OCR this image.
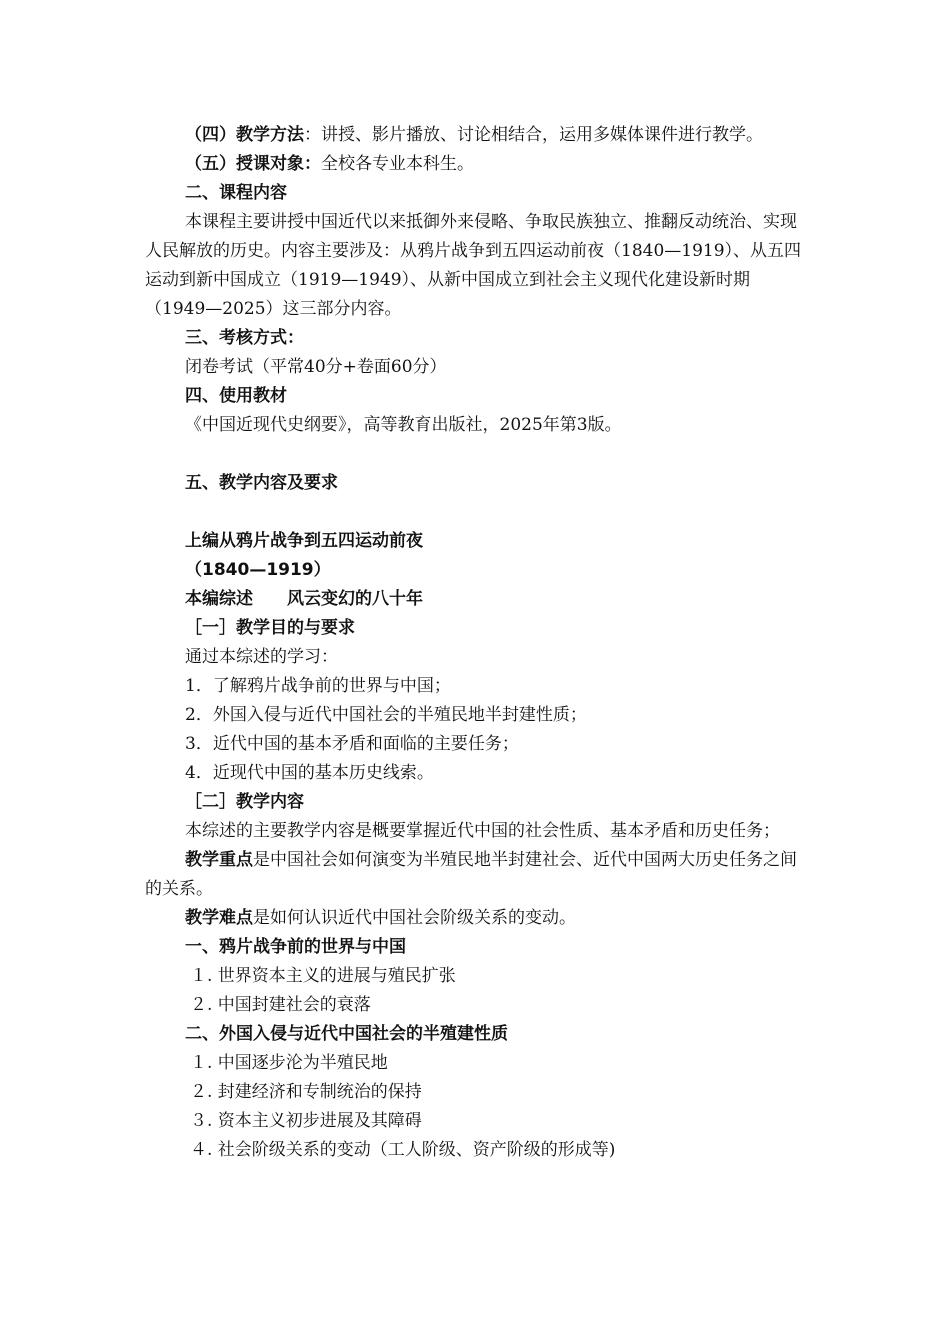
（四）教学方法：讲授、影片播放、讨论相结合，运用多媒体课件进行教学。

（五）授课对象：全校各专业本科生。

二、课程内容

本课程主要讲授中国近代以来抵御外来侵略、争取民族独立、推翻反动统治、实现人民解放的历史。内容主要涉及：从鸦片战争到五四运动前夜（1840—1919）、从五四运动到新中国成立（1919—1949）、从新中国成立到社会主义现代化建设新时期（1949—2025）这三部分内容。

三、考核方式：

闭卷考试（平常40分+卷面60分）

四、使用教材

《中国近现代史纲要》，高等教育出版社，2025年第3版。

五、教学内容及要求

上编从鸦片战争到五四运动前夜

（1840—1919）

本编综述　　风云变幻的八十年

［一］教学目的与要求

通过本综述的学习：

1．了解鸦片战争前的世界与中国；

2．外国入侵与近代中国社会的半殖民地半封建性质；

3．近代中国的基本矛盾和面临的主要任务；

4．近现代中国的基本历史线索。

［二］教学内容

本综述的主要教学内容是概要掌握近代中国的社会性质、基本矛盾和历史任务；

教学重点是中国社会如何演变为半殖民地半封建社会、近代中国两大历史任务之间的关系。

教学难点是如何认识近代中国社会阶级关系的变动。

一、鸦片战争前的世界与中国

１. 世界资本主义的进展与殖民扩张

２. 中国封建社会的衰落

二、外国入侵与近代中国社会的半殖建性质

１. 中国逐步沦为半殖民地

２. 封建经济和专制统治的保持

３. 资本主义初步进展及其障碍

４. 社会阶级关系的变动（工人阶级、资产阶级的形成等)
